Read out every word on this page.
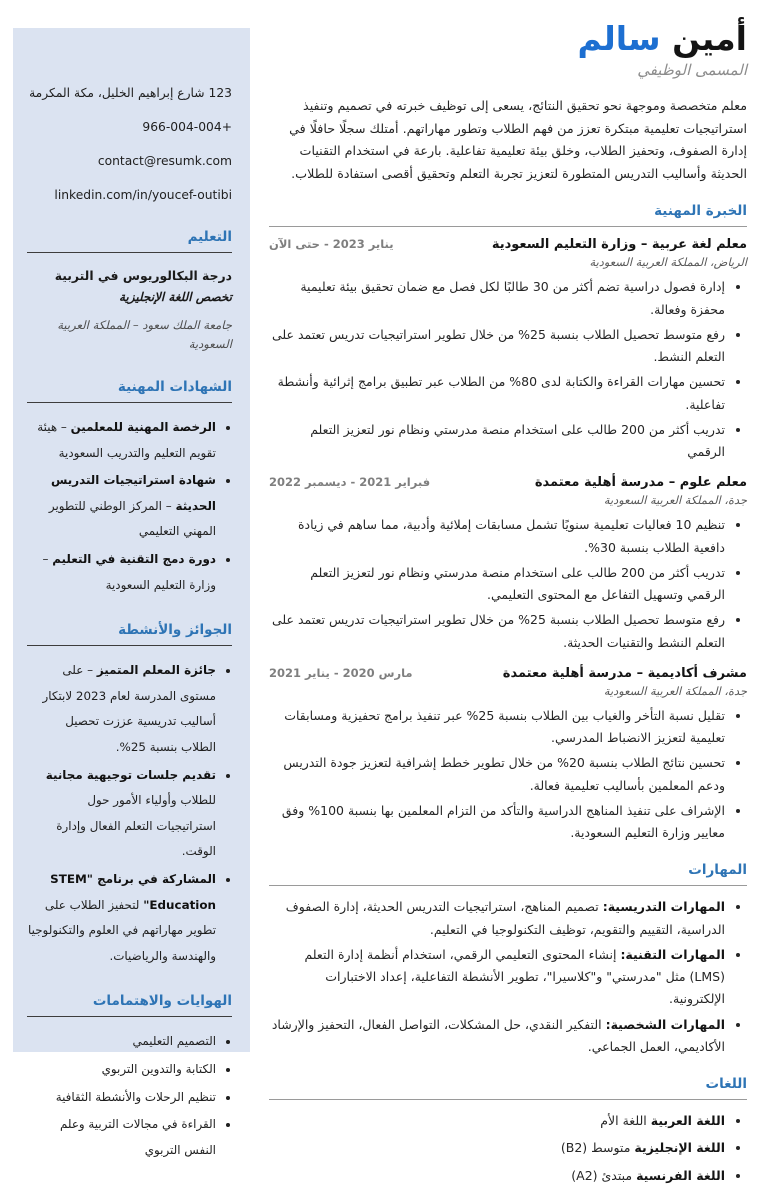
123 شارع إبراهيم الخليل، مكة المكرمة
+966-004-004
contact@resumk.com
linkedin.com/in/youcef-outibi
التعليم
درجة البكالوريوس في التربية
تخصص اللغة الإنجليزية
جامعة الملك سعود – المملكة العربية السعودية
الشهادات المهنية
• الرخصة المهنية للمعلمين – هيئة تقويم التعليم والتدريب السعودية
• شهادة استراتيجيات التدريس الحديثة – المركز الوطني للتطوير المهني التعليمي
• دورة دمج التقنية في التعليم – وزارة التعليم السعودية
الجوائز والأنشطة
• جائزة المعلم المتميز – على مستوى المدرسة لعام 2023 لابتكار أساليب تدريسية عززت تحصيل الطلاب بنسبة 25%.
• تقديم جلسات توجيهية مجانية للطلاب وأولياء الأمور حول استراتيجيات التعلم الفعال وإدارة الوقت.
• المشاركة في برنامج "STEM Education" لتحفيز الطلاب على تطوير مهاراتهم في العلوم والتكنولوجيا والهندسة والرياضيات.
الهوايات والاهتمامات
• التصميم التعليمي
• الكتابة والتدوين التربوي
• تنظيم الرحلات والأنشطة الثقافية
• القراءة في مجالات التربية وعلم النفس التربوي
أمين سالم
المسمى الوظيفي

معلم متخصصة وموجهة نحو تحقيق النتائج، يسعى إلى توظيف خبرته في تصميم وتنفيذ استراتيجيات تعليمية مبتكرة تعزز من فهم الطلاب وتطور مهاراتهم. أمتلك سجلًا حافلًا في إدارة الصفوف، وتحفيز الطلاب، وخلق بيئة تعليمية تفاعلية. بارعة في استخدام التقنيات الحديثة وأساليب التدريس المتطورة لتعزيز تجربة التعلم وتحقيق أقصى استفادة للطلاب.

الخبرة المهنية
معلم لغة عربية – وزارة التعليم السعودية
يناير 2023 - حتى الآن
الرياض، المملكة العربية السعودية
• إدارة فصول دراسية تضم أكثر من 30 طالبًا لكل فصل مع ضمان تحقيق بيئة تعليمية محفزة وفعالة.
• رفع متوسط تحصيل الطلاب بنسبة 25% من خلال تطوير استراتيجيات تدريس تعتمد على التعلم النشط.
• تحسين مهارات القراءة والكتابة لدى 80% من الطلاب عبر تطبيق برامج إثرائية وأنشطة تفاعلية.
• تدريب أكثر من 200 طالب على استخدام منصة مدرستي ونظام نور لتعزيز التعلم الرقمي
معلم علوم – مدرسة أهلية معتمدة
فبراير 2021 - ديسمبر 2022
جدة، المملكة العربية السعودية
• تنظيم 10 فعاليات تعليمية سنويًا تشمل مسابقات إملائية وأدبية، مما ساهم في زيادة دافعية الطلاب بنسبة 30%.
• تدريب أكثر من 200 طالب على استخدام منصة مدرستي ونظام نور لتعزيز التعلم الرقمي وتسهيل التفاعل مع المحتوى التعليمي.
• رفع متوسط تحصيل الطلاب بنسبة 25% من خلال تطوير استراتيجيات تدريس تعتمد على التعلم النشط والتقنيات الحديثة.
مشرف أكاديمية – مدرسة أهلية معتمدة
مارس 2020 - يناير 2021
جدة، المملكة العربية السعودية
• تقليل نسبة التأخر والغياب بين الطلاب بنسبة 25% عبر تنفيذ برامج تحفيزية ومسابقات تعليمية لتعزيز الانضباط المدرسي.
• تحسين نتائج الطلاب بنسبة 20% من خلال تطوير خطط إشرافية لتعزيز جودة التدريس ودعم المعلمين بأساليب تعليمية فعالة.
• الإشراف على تنفيذ المناهج الدراسية والتأكد من التزام المعلمين بها بنسبة 100% وفق معايير وزارة التعليم السعودية.
المهارات
• المهارات التدريسية: تصميم المناهج، استراتيجيات التدريس الحديثة، إدارة الصفوف الدراسية، التقييم والتقويم، توظيف التكنولوجيا في التعليم.
• المهارات التقنية: إنشاء المحتوى التعليمي الرقمي، استخدام أنظمة إدارة التعلم (LMS) مثل "مدرستي" و"كلاسيرا"، تطوير الأنشطة التفاعلية، إعداد الاختبارات الإلكترونية.
• المهارات الشخصية: التفكير النقدي، حل المشكلات، التواصل الفعال، التحفيز والإرشاد الأكاديمي، العمل الجماعي.
اللغات
• اللغة العربية اللغة الأم
• اللغة الإنجليزية متوسط (B2)
• اللغة الفرنسية مبتدئ (A2)
